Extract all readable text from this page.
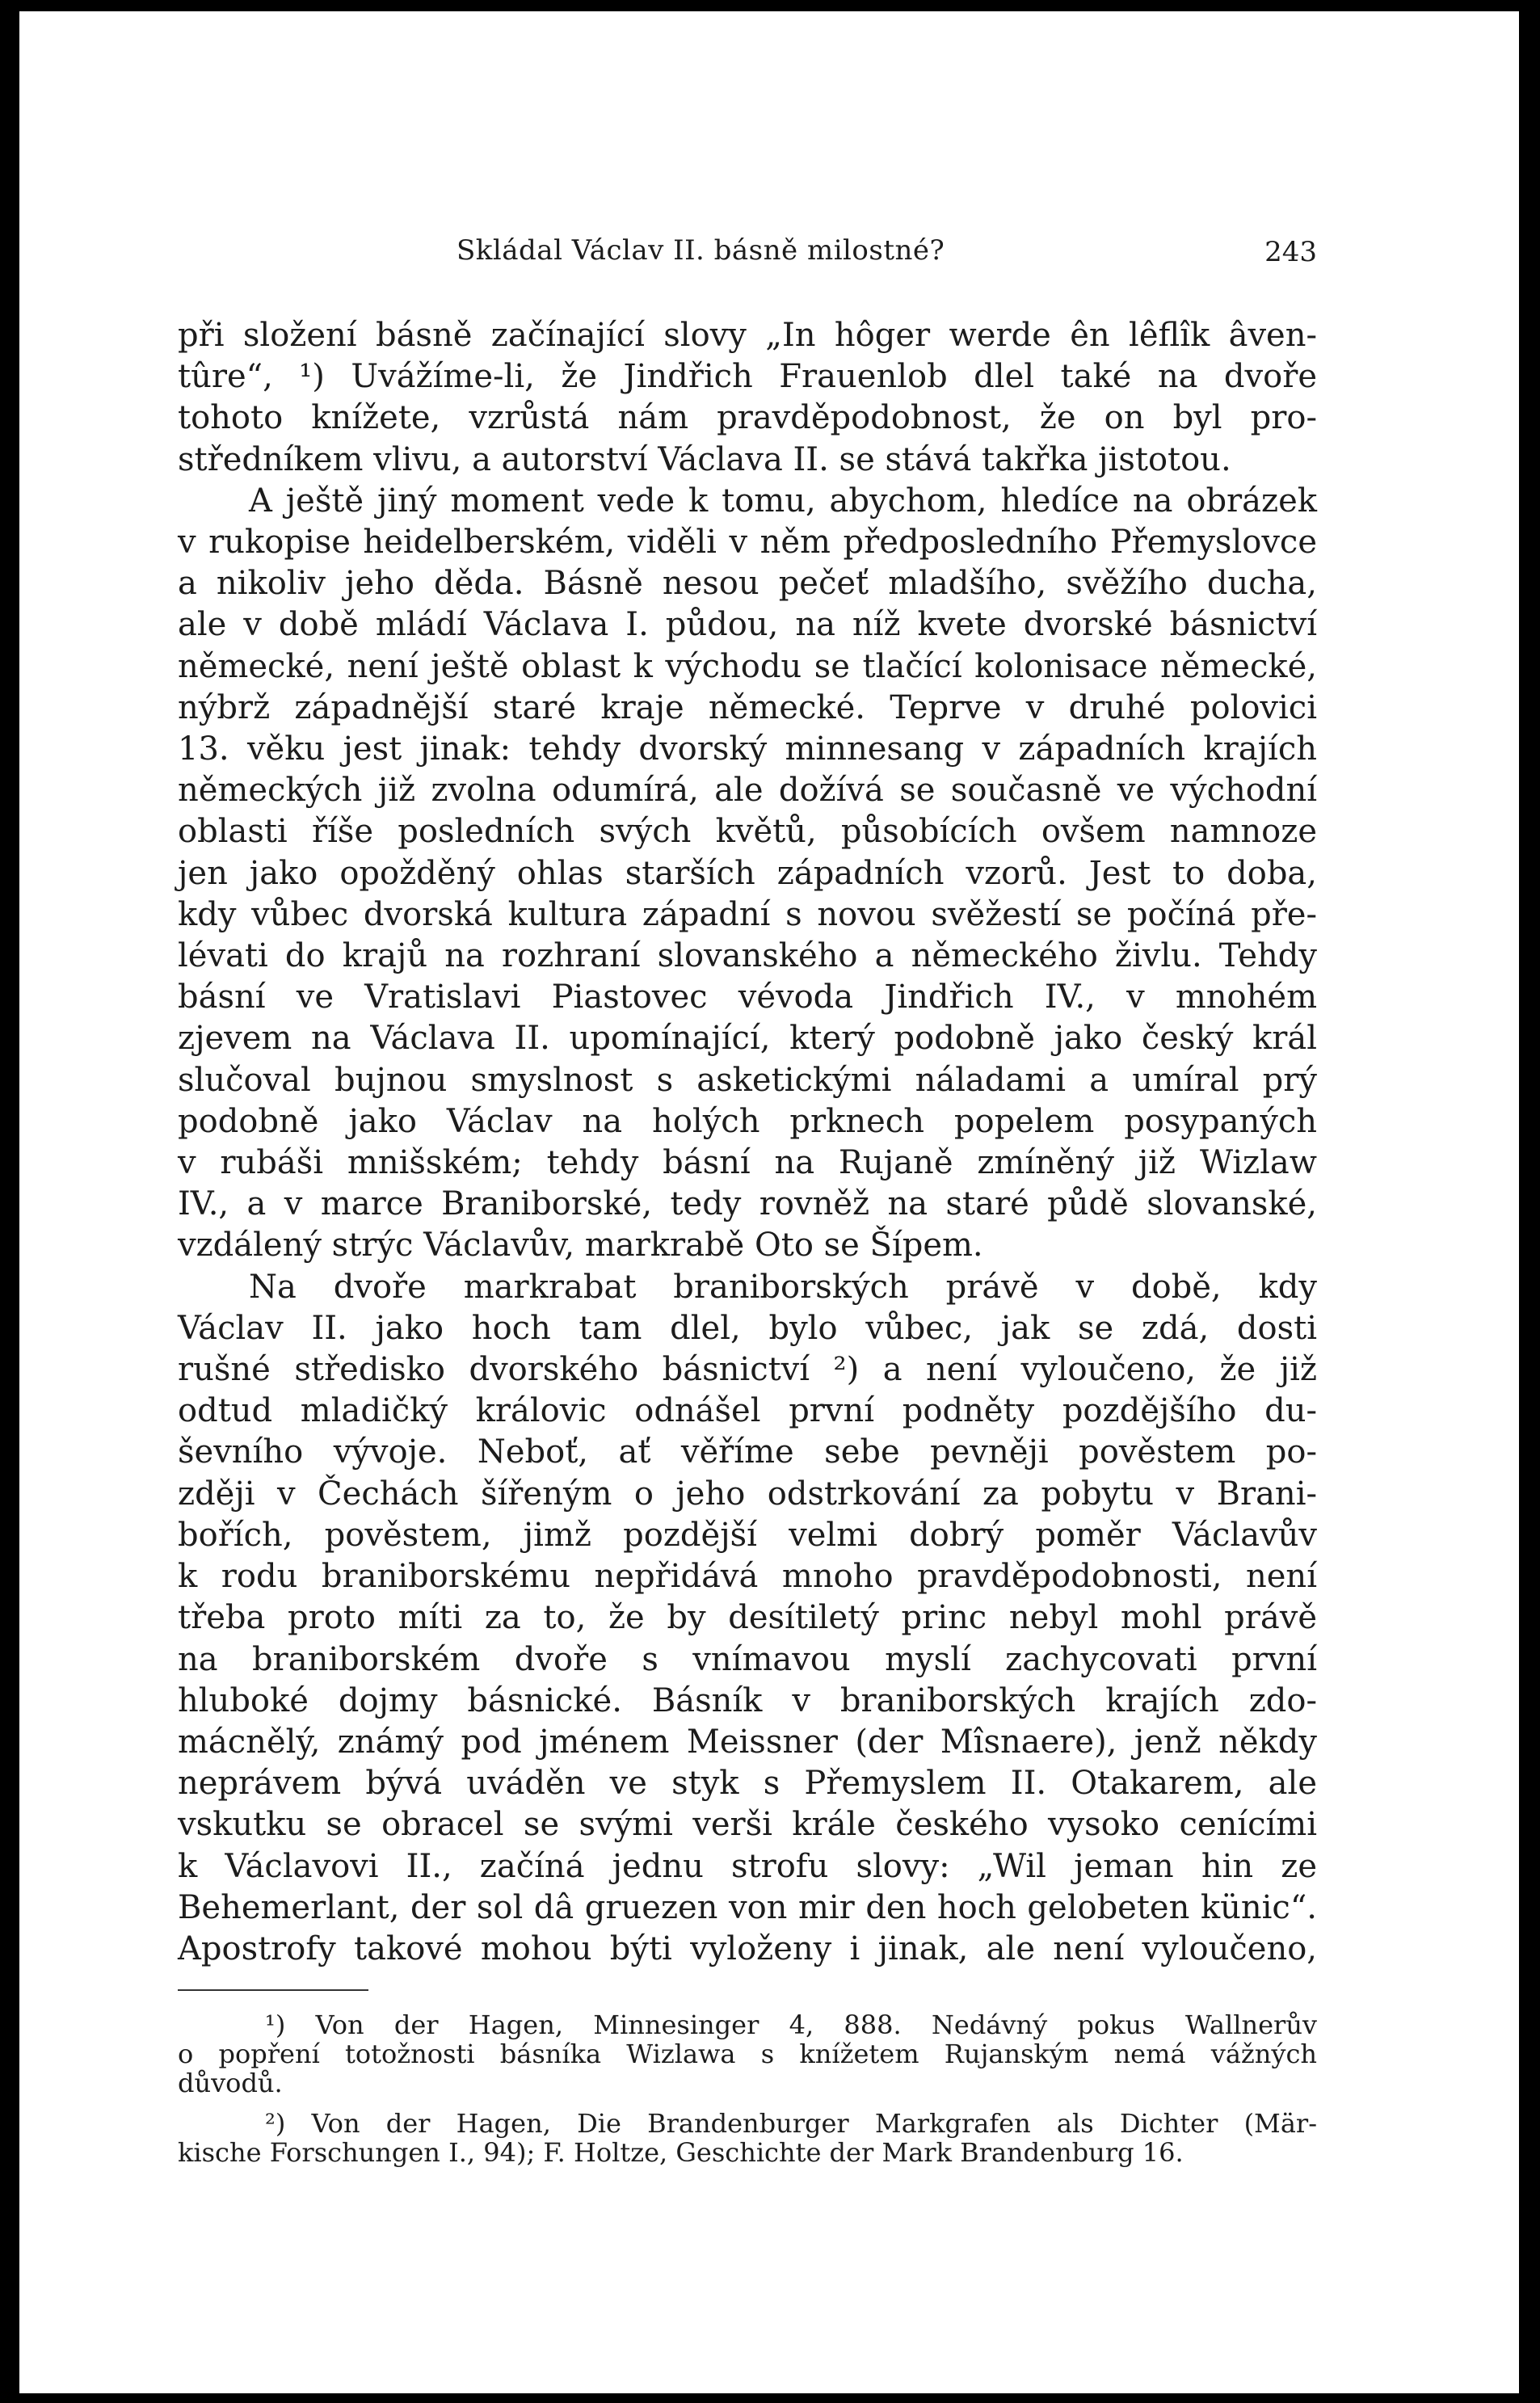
Skládal Václav II. básně milostné?	243
při složení básně začínající slovy „In hôger werde ên lêflîk âven-
tûre“, ¹) Uvážíme-li, že Jindřich Frauenlob dlel také na dvoře
tohoto knížete, vzrůstá nám pravděpodobnost, že on byl pro-
středníkem vlivu, a autorství Václava II. se stává takřka jistotou.
A ještě jiný moment vede k tomu, abychom, hledíce na obrázek
v rukopise heidelberském, viděli v něm předposledního Přemyslovce
a nikoliv jeho děda. Básně nesou pečeť mladšího, svěžího ducha,
ale v době mládí Václava I. půdou, na níž kvete dvorské básnictví
německé, není ještě oblast k východu se tlačící kolonisace německé,
nýbrž západnější staré kraje německé. Teprve v druhé polovici
13. věku jest jinak: tehdy dvorský minnesang v západních krajích
německých již zvolna odumírá, ale dožívá se současně ve východní
oblasti říše posledních svých květů, působících ovšem namnoze
jen jako opožděný ohlas starších západních vzorů. Jest to doba,
kdy vůbec dvorská kultura západní s novou svěžestí se počíná pře-
lévati do krajů na rozhraní slovanského a německého živlu. Tehdy
básní ve Vratislavi Piastovec vévoda Jindřich IV., v mnohém
zjevem na Václava II. upomínající, který podobně jako český král
slučoval bujnou smyslnost s asketickými náladami a umíral prý
podobně jako Václav na holých prknech popelem posypaných
v rubáši mnišském; tehdy básní na Rujaně zmíněný již Wizlaw
IV., a v marce Braniborské, tedy rovněž na staré půdě slovanské,
vzdálený strýc Václavův, markrabě Oto se Šípem.
Na dvoře markrabat braniborských právě v době, kdy
Václav II. jako hoch tam dlel, bylo vůbec, jak se zdá, dosti
rušné středisko dvorského básnictví ²) a není vyloučeno, že již
odtud mladičký královic odnášel první podněty pozdějšího du-
ševního vývoje. Neboť, ať věříme sebe pevněji pověstem po-
zději v Čechách šířeným o jeho odstrkování za pobytu v Brani-
bořích, pověstem, jimž pozdější velmi dobrý poměr Václavův
k rodu braniborskému nepřidává mnoho pravděpodobnosti, není
třeba proto míti za to, že by desítiletý princ nebyl mohl právě
na braniborském dvoře s vnímavou myslí zachycovati první
hluboké dojmy básnické. Básník v braniborských krajích zdo-
mácnělý, známý pod jménem Meissner (der Mîsnaere), jenž někdy
neprávem bývá uváděn ve styk s Přemyslem II. Otakarem, ale
vskutku se obracel se svými verši krále českého vysoko cenícími
k Václavovi II., začíná jednu strofu slovy: „Wil jeman hin ze
Behemerlant, der sol dâ gruezen von mir den hoch gelobeten künic“.
Apostrofy takové mohou býti vyloženy i jinak, ale není vyloučeno,
¹) Von der Hagen, Minnesinger 4, 888. Nedávný pokus Wallnerův
o popření totožnosti básníka Wizlawa s knížetem Rujanským nemá vážných
důvodů.
²) Von der Hagen, Die Brandenburger Markgrafen als Dichter (Mär-
kische Forschungen I., 94); F. Holtze, Geschichte der Mark Brandenburg 16.
